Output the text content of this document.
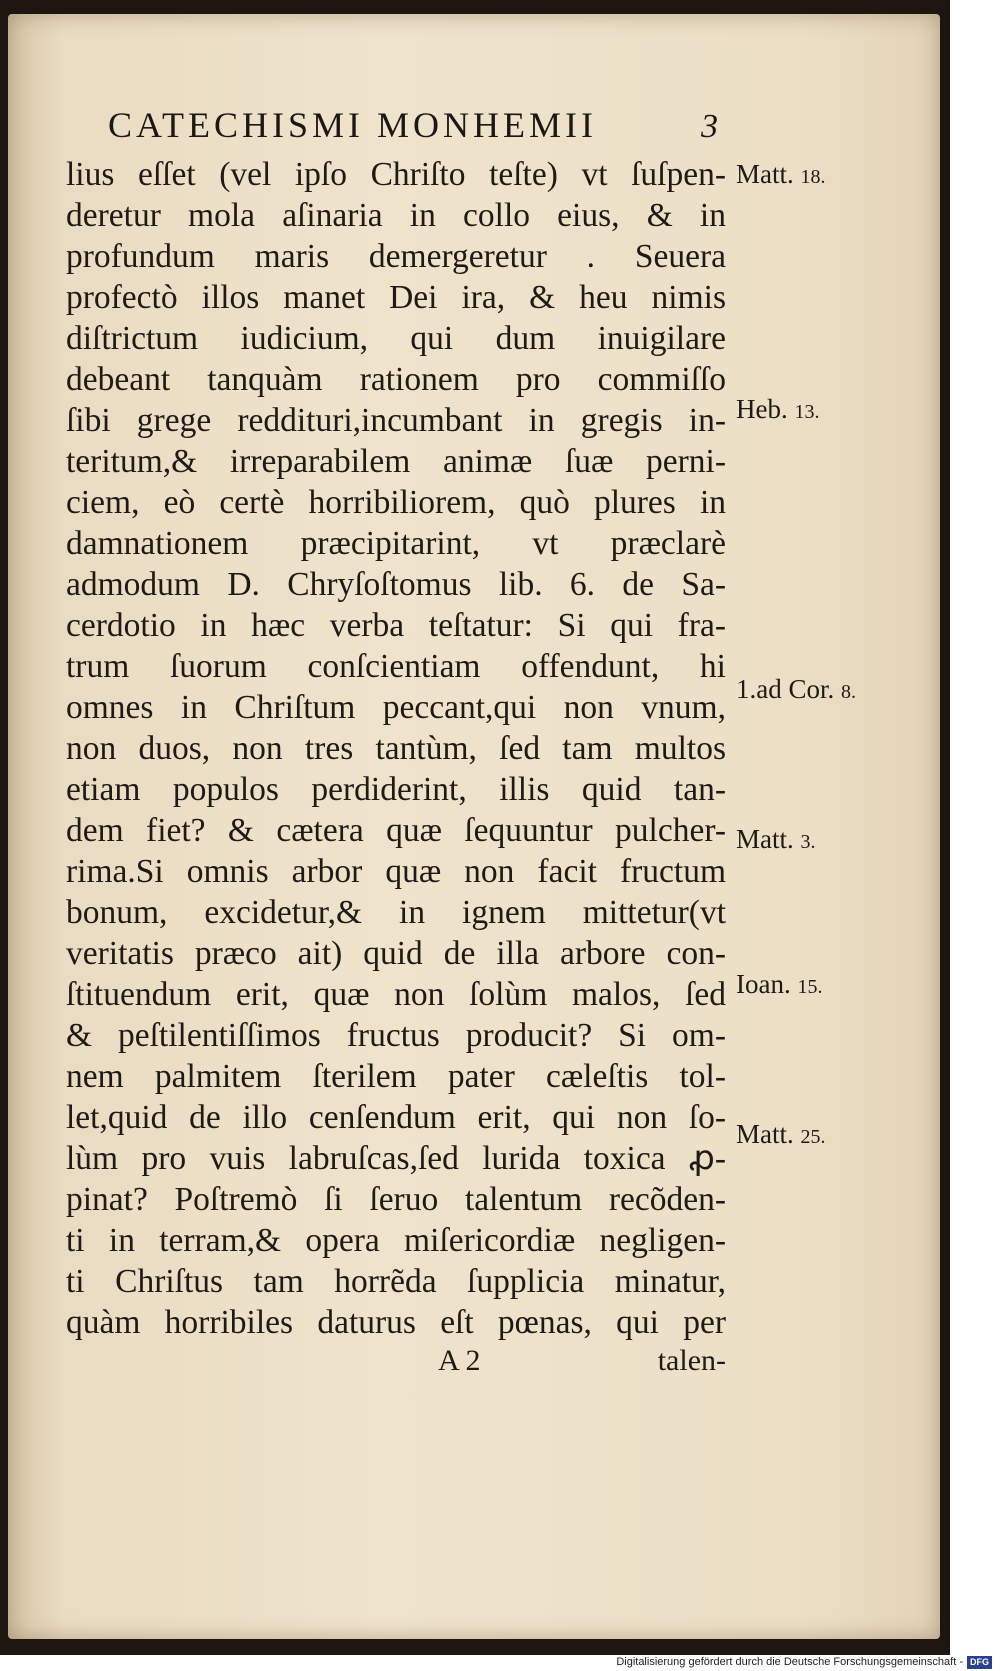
CATECHISMI MONHEMII	3
lius eſſet (vel ipſo Chriſto teſte) vt ſuſpen-
deretur mola aſinaria in collo eius, & in
profundum maris demergeretur . Seuera
profectò illos manet Dei ira, & heu nimis
diſtrictum iudicium, qui dum inuigilare
debeant tanquàm rationem pro commiſſo
ſibi grege reddituri,incumbant in gregis in-
teritum,& irreparabilem animæ ſuæ perni-
ciem, eò certè horribiliorem, quò plures in
damnationem præcipitarint, vt præclarè
admodum D. Chryſoſtomus lib. 6. de Sa-
cerdotio in hæc verba teſtatur: Si qui fra-
trum ſuorum conſcientiam offendunt, hi
omnes in Chriſtum peccant,qui non vnum,
non duos, non tres tantùm, ſed tam multos
etiam populos perdiderint, illis quid tan-
dem fiet? & cætera quæ ſequuntur pulcher-
rima.Si omnis arbor quæ non facit fructum
bonum, excidetur,& in ignem mittetur(vt
veritatis præco ait) quid de illa arbore con-
ſtituendum erit, quæ non ſolùm malos, ſed
& peſtilentiſſimos fructus producit? Si om-
nem palmitem ſterilem pater cæleſtis tol-
let,quid de illo cenſendum erit, qui non ſo-
lùm pro vuis labruſcas,ſed lurida toxica ꝓ-
pinat? Poſtremò ſi ſeruo talentum recõden-
ti in terram,& opera miſericordiæ negligen-
ti Chriſtus tam horrẽda ſupplicia minatur,
quàm horribiles daturus eſt pœnas, qui per
A 2	talen-
Matt. 18.
Heb. 13.
1.ad Cor. 8.
Matt. 3.
Ioan. 15.
Matt. 25.
Digitalisierung gefördert durch die Deutsche Forschungsgemeinschaft - DFG
